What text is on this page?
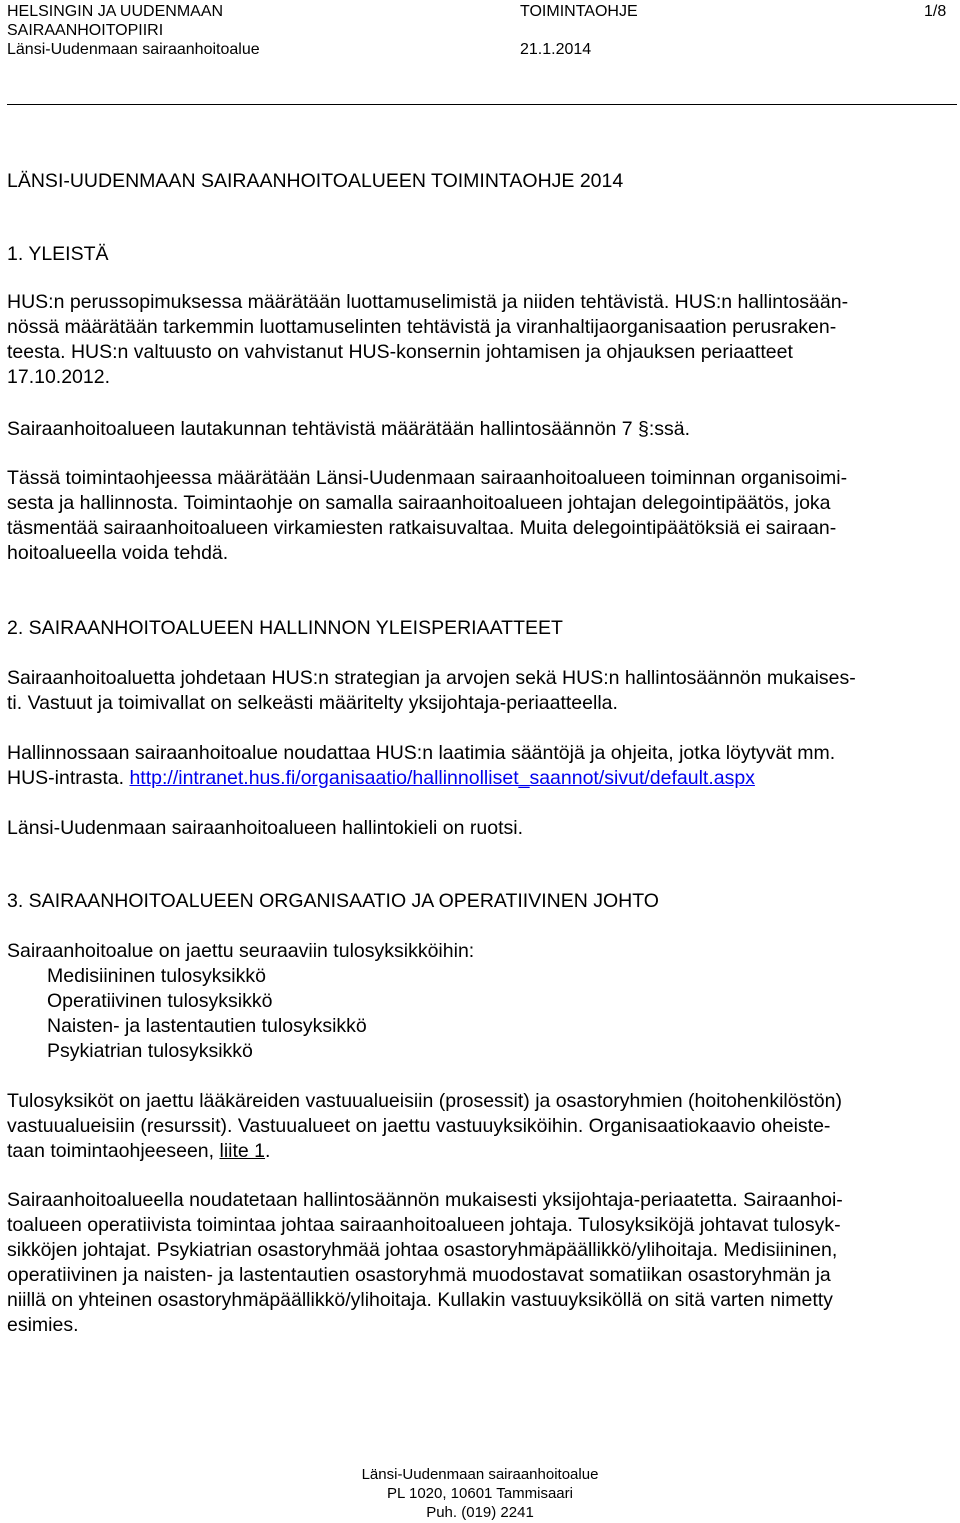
HELSINGIN JA UUDENMAAN
SAIRAANHOITOPIIRI
Länsi-Uudenmaan sairaanhoitoalue
TOIMINTAOHJE
21.1.2014
1/8
LÄNSI-UUDENMAAN SAIRAANHOITOALUEEN TOIMINTAOHJE 2014
1. YLEISTÄ
HUS:n perussopimuksessa määrätään luottamuselimistä ja niiden tehtävistä. HUS:n hallintosään-
nössä määrätään tarkemmin luottamuselinten tehtävistä ja viranhaltijaorganisaation perusraken-
teesta. HUS:n valtuusto on vahvistanut HUS-konsernin johtamisen ja ohjauksen periaatteet
17.10.2012.
Sairaanhoitoalueen lautakunnan tehtävistä määrätään hallintosäännön 7 §:ssä.
Tässä toimintaohjeessa määrätään Länsi-Uudenmaan sairaanhoitoalueen toiminnan organisoimi-
sesta ja hallinnosta. Toimintaohje on samalla sairaanhoitoalueen johtajan delegointipäätös, joka
täsmentää sairaanhoitoalueen virkamiesten ratkaisuvaltaa. Muita delegointipäätöksiä ei sairaan-
hoitoalueella voida tehdä.
2. SAIRAANHOITOALUEEN HALLINNON YLEISPERIAATTEET
Sairaanhoitoaluetta johdetaan HUS:n strategian ja arvojen sekä HUS:n hallintosäännön mukaises-
ti. Vastuut ja toimivallat on selkeästi määritelty yksijohtaja-periaatteella.
Hallinnossaan sairaanhoitoalue noudattaa HUS:n laatimia sääntöjä ja ohjeita, jotka löytyvät mm.
HUS-intrasta. http://intranet.hus.fi/organisaatio/hallinnolliset_saannot/sivut/default.aspx
Länsi-Uudenmaan sairaanhoitoalueen hallintokieli on ruotsi.
3. SAIRAANHOITOALUEEN ORGANISAATIO JA OPERATIIVINEN JOHTO
Sairaanhoitoalue on jaettu seuraaviin tulosyksikköihin:
Medisiininen tulosyksikkö
Operatiivinen tulosyksikkö
Naisten- ja lastentautien tulosyksikkö
Psykiatrian tulosyksikkö
Tulosyksiköt on jaettu lääkäreiden vastuualueisiin (prosessit) ja osastoryhmien (hoitohenkilöstön)
vastuualueisiin (resurssit). Vastuualueet on jaettu vastuuyksiköihin. Organisaatiokaavio oheiste-
taan toimintaohjeeseen, liite 1.
Sairaanhoitoalueella noudatetaan hallintosäännön mukaisesti yksijohtaja-periaatetta. Sairaanhoi-
toalueen operatiivista toimintaa johtaa sairaanhoitoalueen johtaja. Tulosyksiköjä johtavat tulosyk-
sikköjen johtajat. Psykiatrian osastoryhmää johtaa osastoryhmäpäällikkö/ylihoitaja. Medisiininen,
operatiivinen ja naisten- ja lastentautien osastoryhmä muodostavat somatiikan osastoryhmän ja
niillä on yhteinen osastoryhmäpäällikkö/ylihoitaja. Kullakin vastuuyksiköllä on sitä varten nimetty
esimies.
Länsi-Uudenmaan sairaanhoitoalue
PL 1020, 10601 Tammisaari
Puh. (019) 2241
